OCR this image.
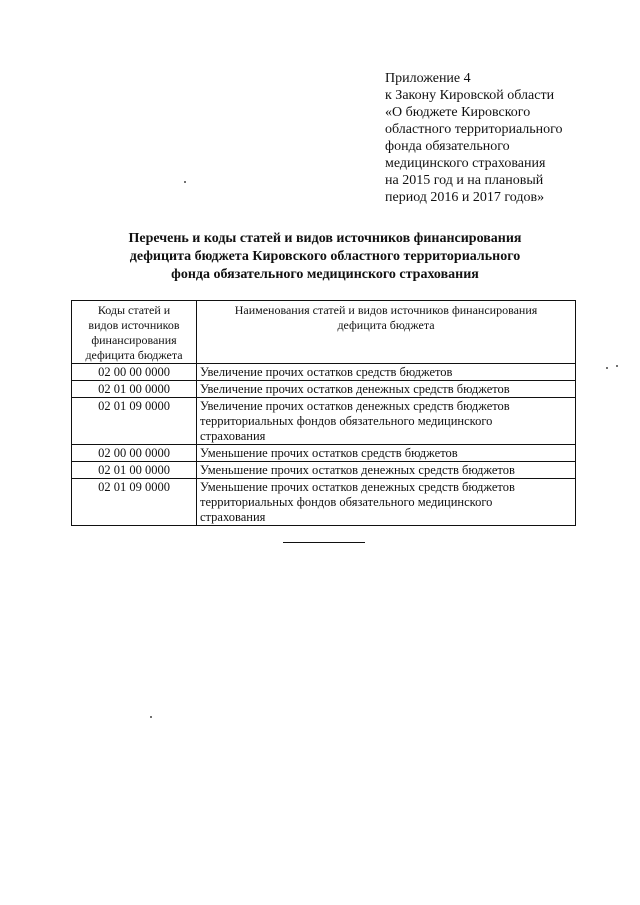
Приложение 4
к Закону Кировской области
«О бюджете Кировского
областного территориального
фонда обязательного
медицинского страхования
на 2015 год и на плановый
период 2016 и 2017 годов»
Перечень и коды статей и видов источников финансирования
дефицита бюджета Кировского областного территориального
фонда обязательного медицинского страхования
Коды статей и
видов источников
финансирования
дефицита бюджета	Наименования статей и видов источников финансирования
дефицита бюджета

02 00 00 0000	Увеличение прочих остатков средств бюджетов

02 01 00 0000	Увеличение прочих остатков денежных средств бюджетов

02 01 09 0000	Увеличение прочих остатков денежных средств бюджетов
территориальных фондов обязательного медицинского
страхования

02 00 00 0000	Уменьшение прочих остатков средств бюджетов

02 01 00 0000	Уменьшение прочих остатков денежных средств бюджетов

02 01 09 0000	Уменьшение прочих остатков денежных средств бюджетов
территориальных фондов обязательного медицинского
страхования
